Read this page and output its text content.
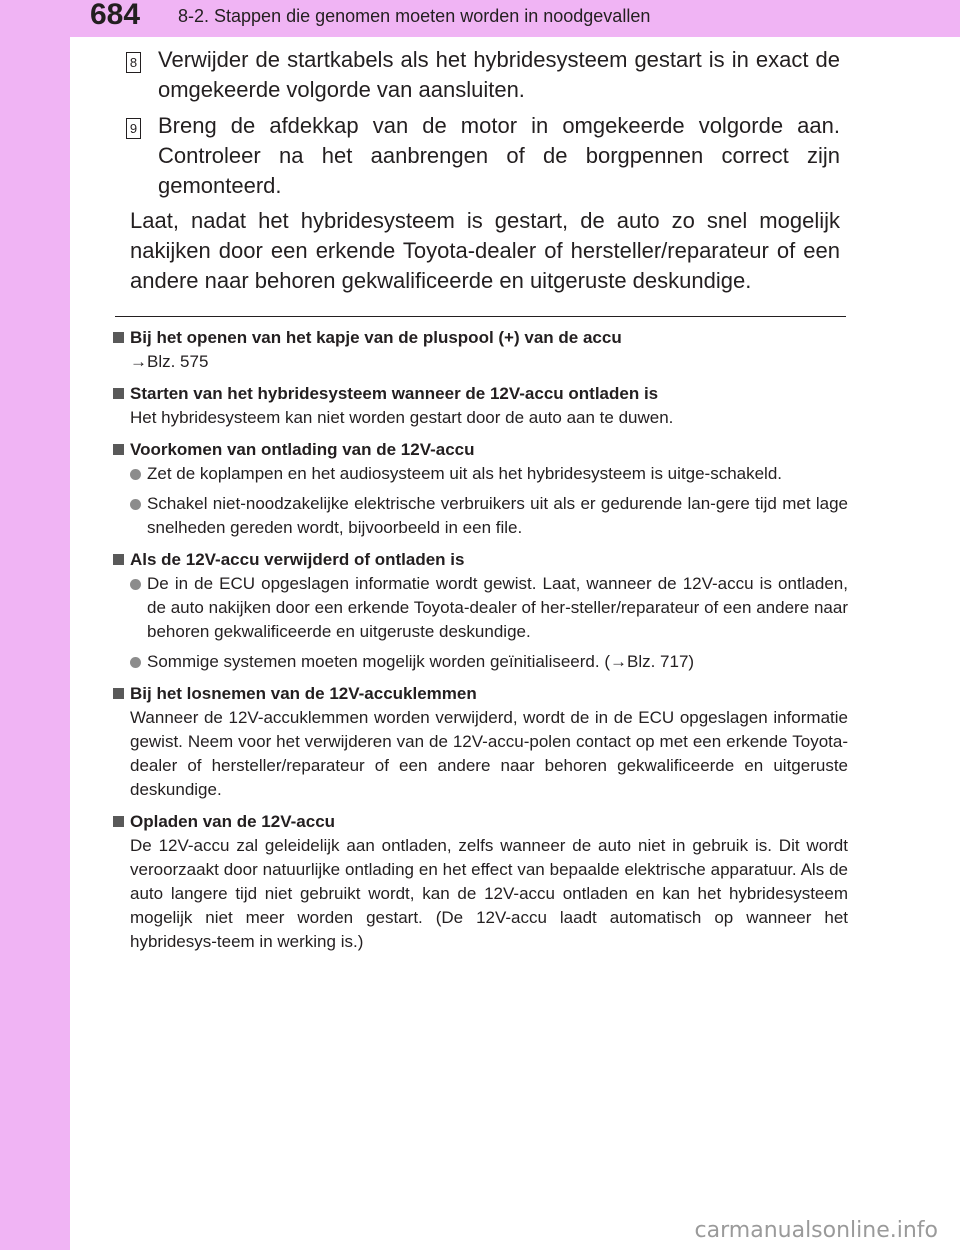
684 8-2. Stappen die genomen moeten worden in noodgevallen
8 Verwijder de startkabels als het hybridesysteem gestart is in exact de omgekeerde volgorde van aansluiten.
9 Breng de afdekkap van de motor in omgekeerde volgorde aan. Controleer na het aanbrengen of de borgpennen correct zijn gemonteerd.
Laat, nadat het hybridesysteem is gestart, de auto zo snel mogelijk nakijken door een erkende Toyota-dealer of hersteller/reparateur of een andere naar behoren gekwalificeerde en uitgeruste deskundige.
Bij het openen van het kapje van de pluspool (+) van de accu
→Blz. 575
Starten van het hybridesysteem wanneer de 12V-accu ontladen is
Het hybridesysteem kan niet worden gestart door de auto aan te duwen.
Voorkomen van ontlading van de 12V-accu
Zet de koplampen en het audiosysteem uit als het hybridesysteem is uitge-schakeld.
Schakel niet-noodzakelijke elektrische verbruikers uit als er gedurende lan-gere tijd met lage snelheden gereden wordt, bijvoorbeeld in een file.
Als de 12V-accu verwijderd of ontladen is
De in de ECU opgeslagen informatie wordt gewist. Laat, wanneer de 12V-accu is ontladen, de auto nakijken door een erkende Toyota-dealer of her-steller/reparateur of een andere naar behoren gekwalificeerde en uitgeruste deskundige.
Sommige systemen moeten mogelijk worden geïnitialiseerd. (→Blz. 717)
Bij het losnemen van de 12V-accuklemmen
Wanneer de 12V-accuklemmen worden verwijderd, wordt de in de ECU opgeslagen informatie gewist. Neem voor het verwijderen van de 12V-accu-polen contact op met een erkende Toyota-dealer of hersteller/reparateur of een andere naar behoren gekwalificeerde en uitgeruste deskundige.
Opladen van de 12V-accu
De 12V-accu zal geleidelijk aan ontladen, zelfs wanneer de auto niet in gebruik is. Dit wordt veroorzaakt door natuurlijke ontlading en het effect van bepaalde elektrische apparatuur. Als de auto langere tijd niet gebruikt wordt, kan de 12V-accu ontladen en kan het hybridesysteem mogelijk niet meer worden gestart. (De 12V-accu laadt automatisch op wanneer het hybridesys-teem in werking is.)
carmanualsonline.info
